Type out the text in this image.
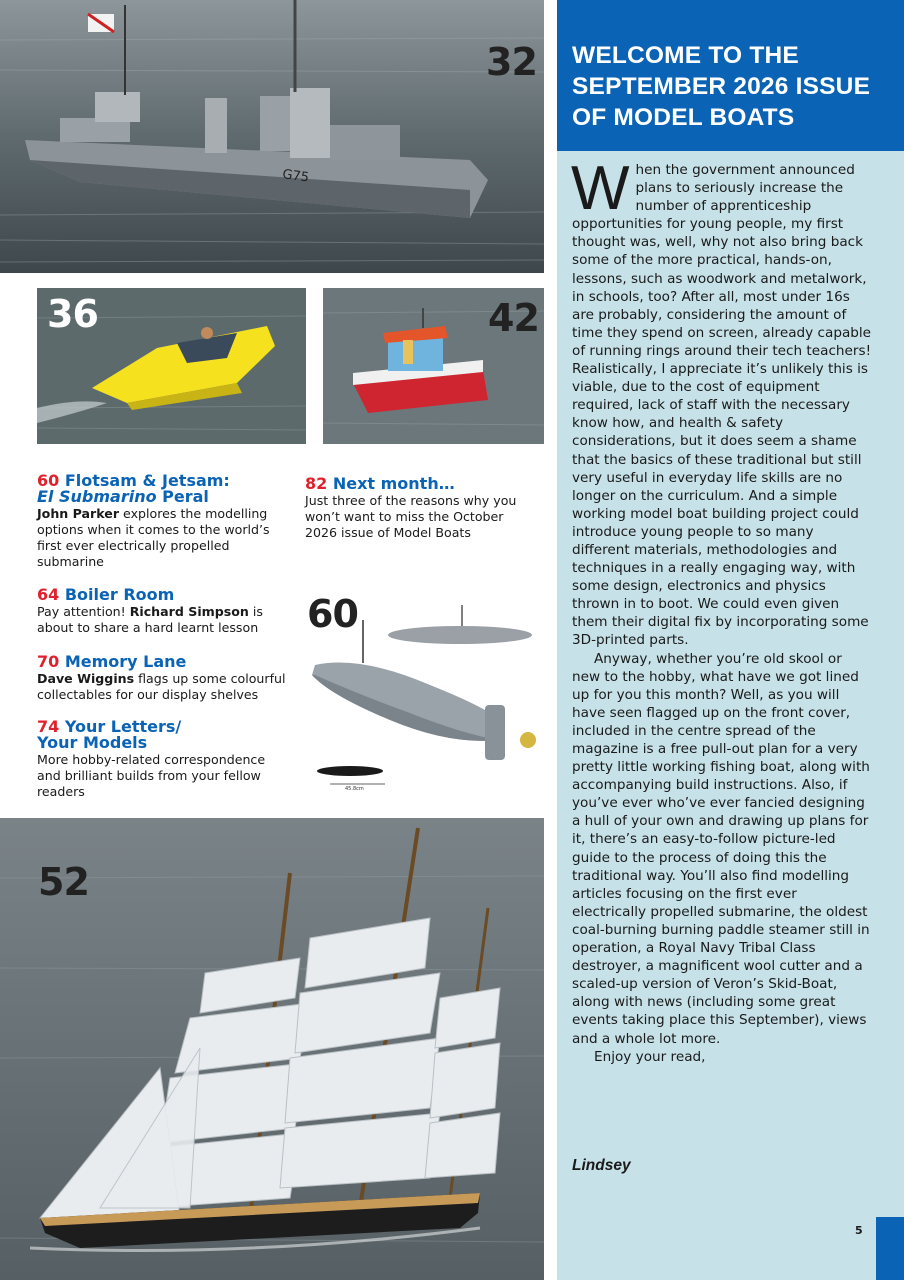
G75
32
36	42
45.8cm
60
52
60 Flotsam & Jetsam:
El Submarino Peral
John Parker explores the modelling options when it comes to the world’s first ever electrically propelled submarine
64 Boiler Room
Pay attention! Richard Simpson is about to share a hard learnt lesson
70 Memory Lane
Dave Wiggins flags up some colourful collectables for our display shelves
74 Your Letters/
Your Models
More hobby-related correspondence and brilliant builds from your fellow readers
82 Next month…
Just three of the reasons why you won’t want to miss the October 2026 issue of Model Boats
WELCOME TO THE SEPTEMBER 2026 ISSUE OF MODEL BOATS

When the government announced plans to seriously increase the number of apprenticeship opportunities for young people, my first thought was, well, why not also bring back some of the more practical, hands-on, lessons, such as woodwork and metalwork, in schools, too? After all, most under 16s are probably, considering the amount of time they spend on screen, already capable of running rings around their tech teachers! Realistically, I appreciate it’s unlikely this is viable, due to the cost of equipment required, lack of staff with the necessary know how, and health & safety considerations, but it does seem a shame that the basics of these traditional but still very useful in everyday life skills are no longer on the curriculum. And a simple working model boat building project could introduce young people to so many different materials, methodologies and techniques in a really engaging way, with some design, electronics and physics thrown in to boot. We could even given them their digital fix by incorporating some 3D-printed parts.

Anyway, whether you’re old skool or new to the hobby, what have we got lined up for you this month? Well, as you will have seen flagged up on the front cover, included in the centre spread of the magazine is a free pull-out plan for a very pretty little working fishing boat, along with accompanying build instructions. Also, if you’ve ever who’ve ever fancied designing a hull of your own and drawing up plans for it, there’s an easy-to-follow picture-led guide to the process of doing this the traditional way. You’ll also find modelling articles focusing on the first ever electrically propelled submarine, the oldest coal-burning burning paddle steamer still in operation, a Royal Navy Tribal Class destroyer, a magnificent wool cutter and a scaled-up version of Veron’s Skid-Boat, along with news (including some great events taking place this September), views and a whole lot more.

Enjoy your read,

Lindsey
5
